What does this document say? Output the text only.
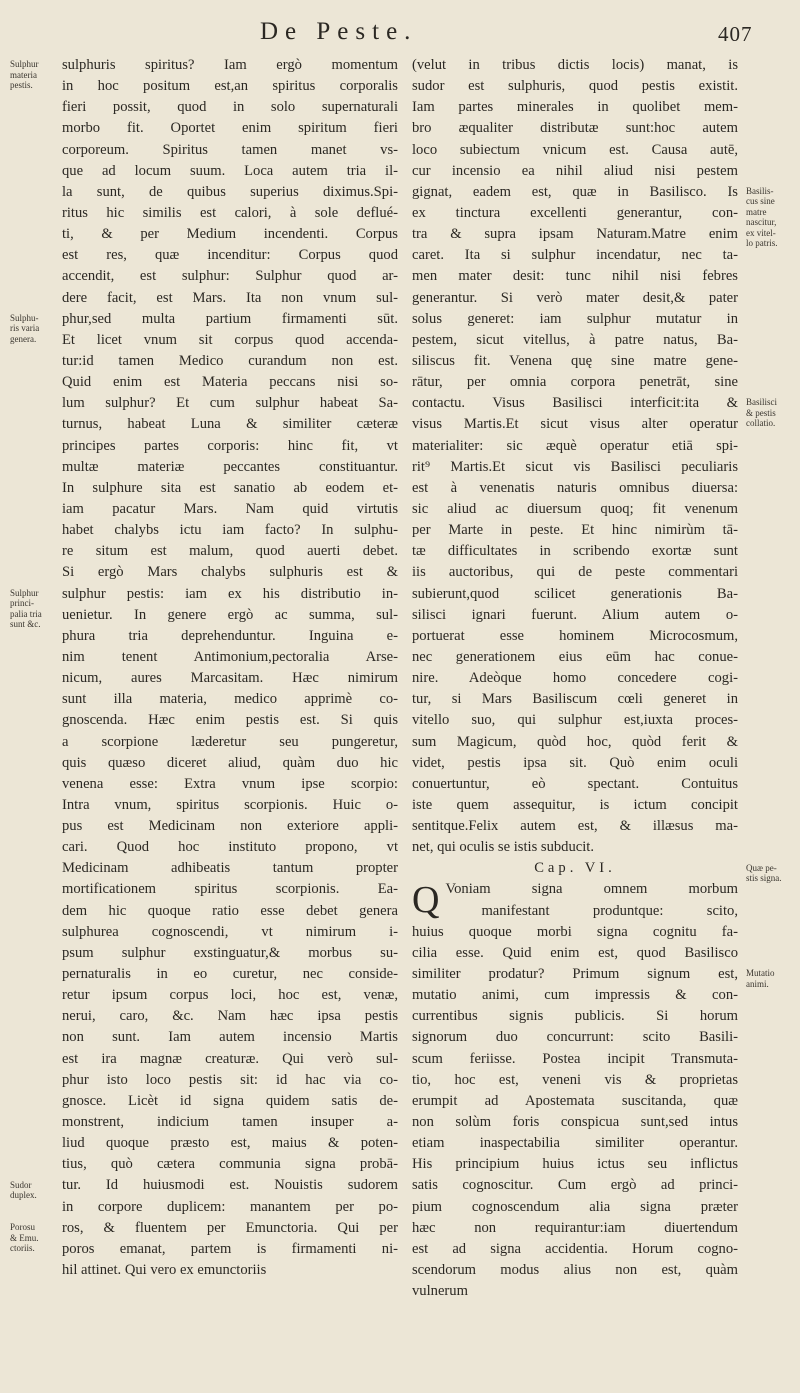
De Peste.	407
sulphuris spiritus? Iam ergò momentum
in hoc positum est,an spiritus corporalis
fieri possit, quod in solo supernaturali
morbo fit. Oportet enim spiritum fieri
corporeum. Spiritus tamen manet vs-
que ad locum suum. Loca autem tria il-
la sunt, de quibus superius diximus.Spi-
ritus hic similis est calori, à sole deflué-
ti, & per Medium incendenti. Corpus
est res, quæ incenditur: Corpus quod
accendit, est sulphur: Sulphur quod ar-
dere facit, est Mars. Ita non vnum sul-
phur,sed multa partium firmamenti sūt.
Et licet vnum sit corpus quod accenda-
tur:id tamen Medico curandum non est.
Quid enim est Materia peccans nisi so-
lum sulphur? Et cum sulphur habeat Sa-
turnus, habeat Luna & similiter cæteræ
principes partes corporis: hinc fit, vt
multæ materiæ peccantes constituantur.
In sulphure sita est sanatio ab eodem et-
iam pacatur Mars. Nam quid virtutis
habet chalybs ictu iam facto? In sulphu-
re situm est malum, quod auerti debet.
Si ergò Mars chalybs sulphuris est &
sulphur pestis: iam ex his distributio in-
uenietur. In genere ergò ac summa, sul-
phura tria deprehenduntur. Inguina e-
nim tenent Antimonium,pectoralia Arse-
nicum, aures Marcasitam. Hæc nimirum
sunt illa materia, medico apprimè co-
gnoscenda. Hæc enim pestis est. Si quis
a scorpione læderetur seu pungeretur,
quis quæso diceret aliud, quàm duo hic
venena esse: Extra vnum ipse scorpio:
Intra vnum, spiritus scorpionis. Huic o-
pus est Medicinam non exteriore appli-
cari. Quod hoc instituto propono, vt
Medicinam adhibeatis tantum propter
mortificationem spiritus scorpionis. Ea-
dem hic quoque ratio esse debet genera
sulphurea cognoscendi, vt nimirum i-
psum sulphur exstinguatur,& morbus su-
pernaturalis in eo curetur, nec conside-
retur ipsum corpus loci, hoc est, venæ,
nerui, caro, &c. Nam hæc ipsa pestis
non sunt. Iam autem incensio Martis
est ira magnæ creaturæ. Qui verò sul-
phur isto loco pestis sit: id hac via co-
gnosce. Licèt id signa quidem satis de-
monstrent, indicium tamen insuper a-
liud quoque præsto est, maius & poten-
tius, quò cætera communia signa probā-
tur. Id huiusmodi est. Nouistis sudorem
in corpore duplicem: manantem per po-
ros, & fluentem per Emunctoria. Qui per
poros emanat, partem is firmamenti ni-
hil attinet. Qui vero ex emunctoriis
(velut in tribus dictis locis) manat, is
sudor est sulphuris, quod pestis existit.
Iam partes minerales in quolibet mem-
bro æqualiter distributæ sunt:hoc autem
loco subiectum vnicum est. Causa autē,
cur incensio ea nihil aliud nisi pestem
gignat, eadem est, quæ in Basilisco. Is
ex tinctura excellenti generantur, con-
tra & supra ipsam Naturam.Matre enim
caret. Ita si sulphur incendatur, nec ta-
men mater desit: tunc nihil nisi febres
generantur. Si verò mater desit,& pater
solus generet: iam sulphur mutatur in
pestem, sicut vitellus, à patre natus, Ba-
siliscus fit. Venena quę sine matre gene-
rātur, per omnia corpora penetrāt, sine
contactu. Visus Basilisci interficit:ita &
visus Martis.Et sicut visus alter operatur
materialiter: sic æquè operatur etiā spi-
rit⁹ Martis.Et sicut vis Basilisci peculiaris
est à venenatis naturis omnibus diuersa:
sic aliud ac diuersum quoq; fit venenum
per Marte in peste. Et hinc nimirùm tā-
tæ difficultates in scribendo exortæ sunt
iis auctoribus, qui de peste commentari
subierunt,quod scilicet generationis Ba-
silisci ignari fuerunt. Alium autem o-
portuerat esse hominem Microcosmum,
nec generationem eius eūm hac conue-
nire. Adeòque homo concedere cogi-
tur, si Mars Basiliscum cœli generet in
vitello suo, qui sulphur est,iuxta proces-
sum Magicum, quòd hoc, quòd ferit &
videt, pestis ipsa sit. Quò enim oculi
conuertuntur, eò spectant. Contuitus
iste quem assequitur, is ictum concipit
sentitque.Felix autem est, & illæsus ma-
net, qui oculis se istis subducit.
Cap. VI.
Q Voniam signa omnem morbum
manifestant produntque: scito,
huius quoque morbi signa cognitu fa-
cilia esse. Quid enim est, quod Basilisco
similiter prodatur? Primum signum est,
mutatio animi, cum impressis & con-
currentibus signis publicis. Si horum
signorum duo concurrunt: scito Basili-
scum feriisse. Postea incipit Transmuta-
tio, hoc est, veneni vis & proprietas
erumpit ad Apostemata suscitanda, quæ
non solùm foris conspicua sunt,sed intus
etiam inaspectabilia similiter operantur.
His principium huius ictus seu inflictus
satis cognoscitur. Cum ergò ad princi-
pium cognoscendum alia signa præter
hæc non requirantur:iam diuertendum
est ad signa accidentia. Horum cogno-
scendorum modus alius non est, quàm
vulnerum
Sulphur
materia
pestis.
Sulphu-
ris varia
genera.
Sulphur
princi-
palia tria
sunt &c.
Sudor
duplex.
Porosu
& Emu.
ctoriis.
Basilis-
cus sine
matre
nascitur,
ex vitel-
lo patris.
Basilisci
& pestis
collatio.
Quæ pe-
stis signa.
Mutatio
animi.
